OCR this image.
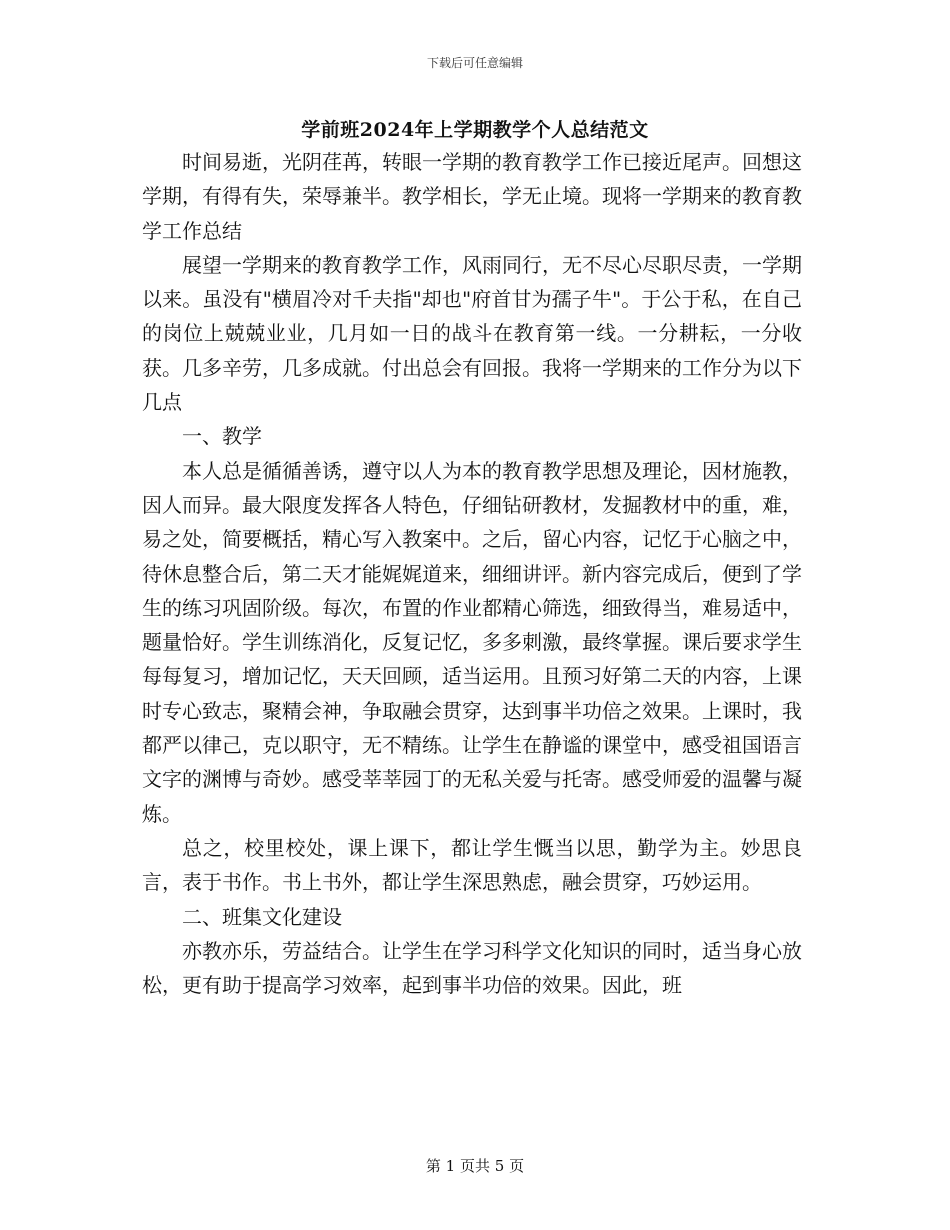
下载后可任意编辑
学前班2024年上学期教学个人总结范文

时间易逝，光阴荏苒，转眼一学期的教育教学工作已接近尾声。回想这学期，有得有失，荣辱兼半。教学相长，学无止境。现将一学期来的教育教学工作总结

展望一学期来的教育教学工作，风雨同行，无不尽心尽职尽责，一学期以来。虽没有"横眉冷对千夫指"却也"府首甘为孺子牛"。于公于私，在自己的岗位上兢兢业业，几月如一日的战斗在教育第一线。一分耕耘，一分收获。几多辛劳，几多成就。付出总会有回报。我将一学期来的工作分为以下几点

一、教学

本人总是循循善诱，遵守以人为本的教育教学思想及理论，因材施教，因人而异。最大限度发挥各人特色，仔细钻研教材，发掘教材中的重，难，易之处，简要概括，精心写入教案中。之后，留心内容，记忆于心脑之中，待休息整合后，第二天才能娓娓道来，细细讲评。新内容完成后，便到了学生的练习巩固阶级。每次，布置的作业都精心筛选，细致得当，难易适中，题量恰好。学生训练消化，反复记忆，多多刺激，最终掌握。课后要求学生每每复习，增加记忆，天天回顾，适当运用。且预习好第二天的内容，上课时专心致志，聚精会神，争取融会贯穿，达到事半功倍之效果。上课时，我都严以律己，克以职守，无不精练。让学生在静谧的课堂中，感受祖国语言文字的渊博与奇妙。感受莘莘园丁的无私关爱与托寄。感受师爱的温馨与凝炼。

总之，校里校处，课上课下，都让学生慨当以思，勤学为主。妙思良言，表于书作。书上书外，都让学生深思熟虑，融会贯穿，巧妙运用。

二、班集文化建设

亦教亦乐，劳益结合。让学生在学习科学文化知识的同时，适当身心放松，更有助于提高学习效率，起到事半功倍的效果。因此，班

第 1 页共 5 页
